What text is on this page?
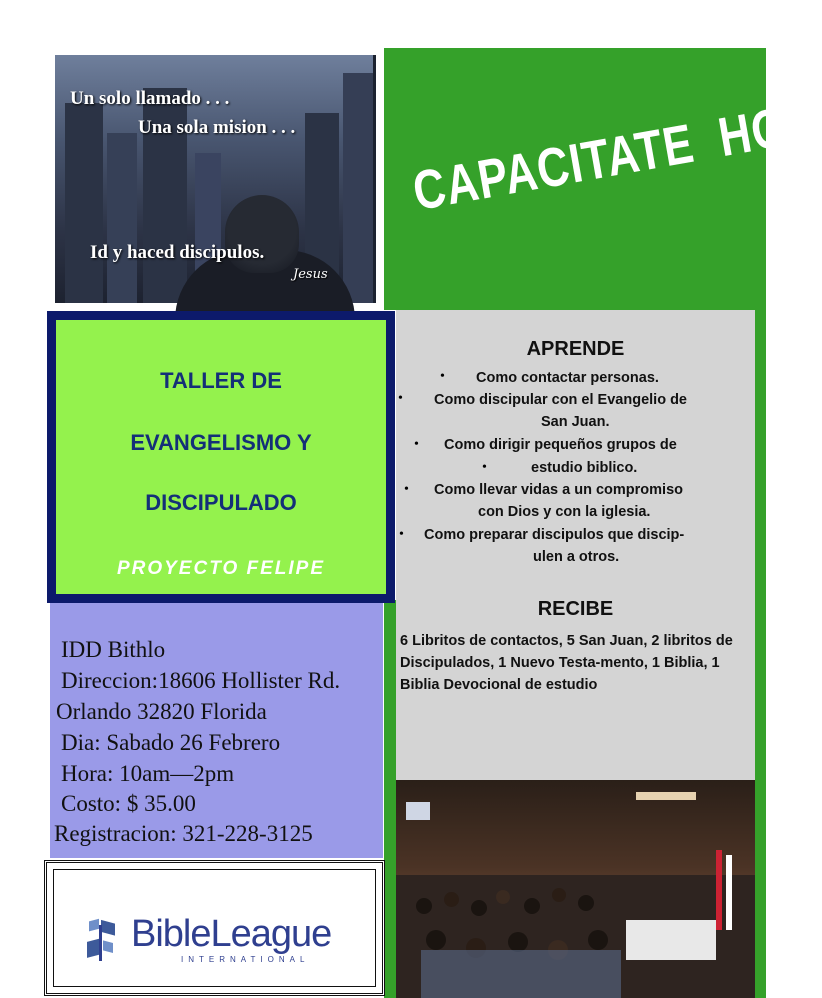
Un solo llamado . . .
Una sola mision . . .
Id y haced discipulos.
Jesus
CAPACITATE  HOY
TALLER DE
EVANGELISMO Y
DISCIPULADO
PROYECTO FELIPE
APRENDE
• Como contactar personas.
• Como discipular con el Evangelio de
San Juan.
• Como dirigir pequeños grupos de
•	estudio biblico.
• Como llevar vidas a un compromiso
con Dios y con la iglesia.
• Como preparar discipulos que discip-
ulen a otros.
RECIBE
6 Libritos de contactos, 5 San Juan, 2 libritos de Discipulados, 1 Nuevo Testa-mento, 1 Biblia, 1 Biblia Devocional de estudio
IDD Bithlo
Direccion:18606 Hollister Rd.
Orlando 32820 Florida
Dia: Sabado 26 Febrero
Hora: 10am—2pm
Costo: $ 35.00
Registracion: 321-228-3125
BibleLeague
INTERNATIONAL
